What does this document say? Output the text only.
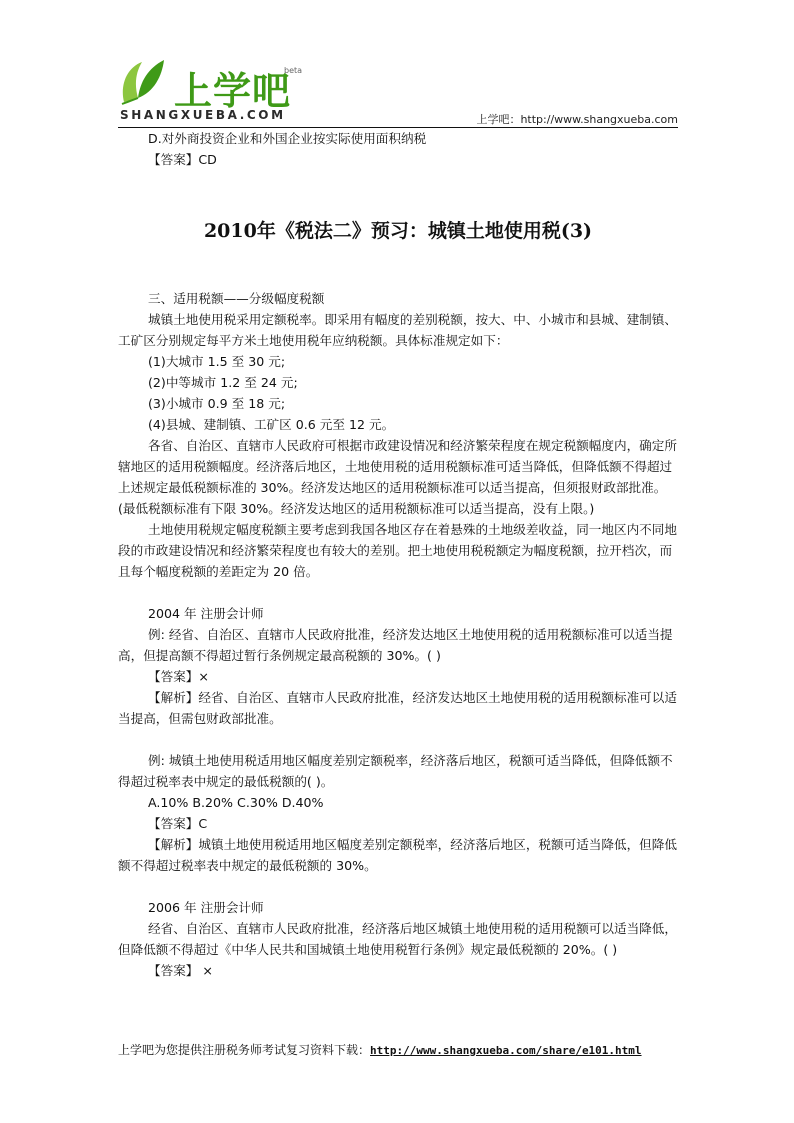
上学吧
beta
SHANGXUEBA.COM	上学吧：http://www.shangxueba.com

D.对外商投资企业和外国企业按实际使用面积纳税

【答案】CD

2010年《税法二》预习：城镇土地使用税(3)

三、适用税额——分级幅度税额

城镇土地使用税采用定额税率。即采用有幅度的差别税额，按大、中、小城市和县城、建制镇、工矿区分别规定每平方米土地使用税年应纳税额。具体标准规定如下：

(1)大城市 1.5 至 30 元;

(2)中等城市 1.2 至 24 元;

(3)小城市 0.9 至 18 元;

(4)县城、建制镇、工矿区 0.6 元至 12 元。

各省、自治区、直辖市人民政府可根据市政建设情况和经济繁荣程度在规定税额幅度内，确定所辖地区的适用税额幅度。经济落后地区，土地使用税的适用税额标准可适当降低，但降低额不得超过上述规定最低税额标准的 30%。经济发达地区的适用税额标准可以适当提高，但须报财政部批准。(最低税额标准有下限 30%。经济发达地区的适用税额标准可以适当提高，没有上限。)

土地使用税规定幅度税额主要考虑到我国各地区存在着悬殊的土地级差收益，同一地区内不同地段的市政建设情况和经济繁荣程度也有较大的差别。把土地使用税税额定为幅度税额，拉开档次，而且每个幅度税额的差距定为 20 倍。

2004 年 注册会计师

例: 经省、自治区、直辖市人民政府批准，经济发达地区土地使用税的适用税额标准可以适当提高，但提高额不得超过暂行条例规定最高税额的 30%。( )

【答案】×

【解析】经省、自治区、直辖市人民政府批准，经济发达地区土地使用税的适用税额标准可以适当提高，但需包财政部批准。

例: 城镇土地使用税适用地区幅度差别定额税率，经济落后地区，税额可适当降低，但降低额不得超过税率表中规定的最低税额的( )。

A.10% B.20% C.30% D.40%

【答案】C

【解析】城镇土地使用税适用地区幅度差别定额税率，经济落后地区，税额可适当降低，但降低额不得超过税率表中规定的最低税额的 30%。

2006 年 注册会计师

经省、自治区、直辖市人民政府批准，经济落后地区城镇土地使用税的适用税额可以适当降低，但降低额不得超过《中华人民共和国城镇土地使用税暂行条例》规定最低税额的 20%。( )

【答案】 ×

上学吧为您提供注册税务师考试复习资料下载：http://www.shangxueba.com/share/e101.html
